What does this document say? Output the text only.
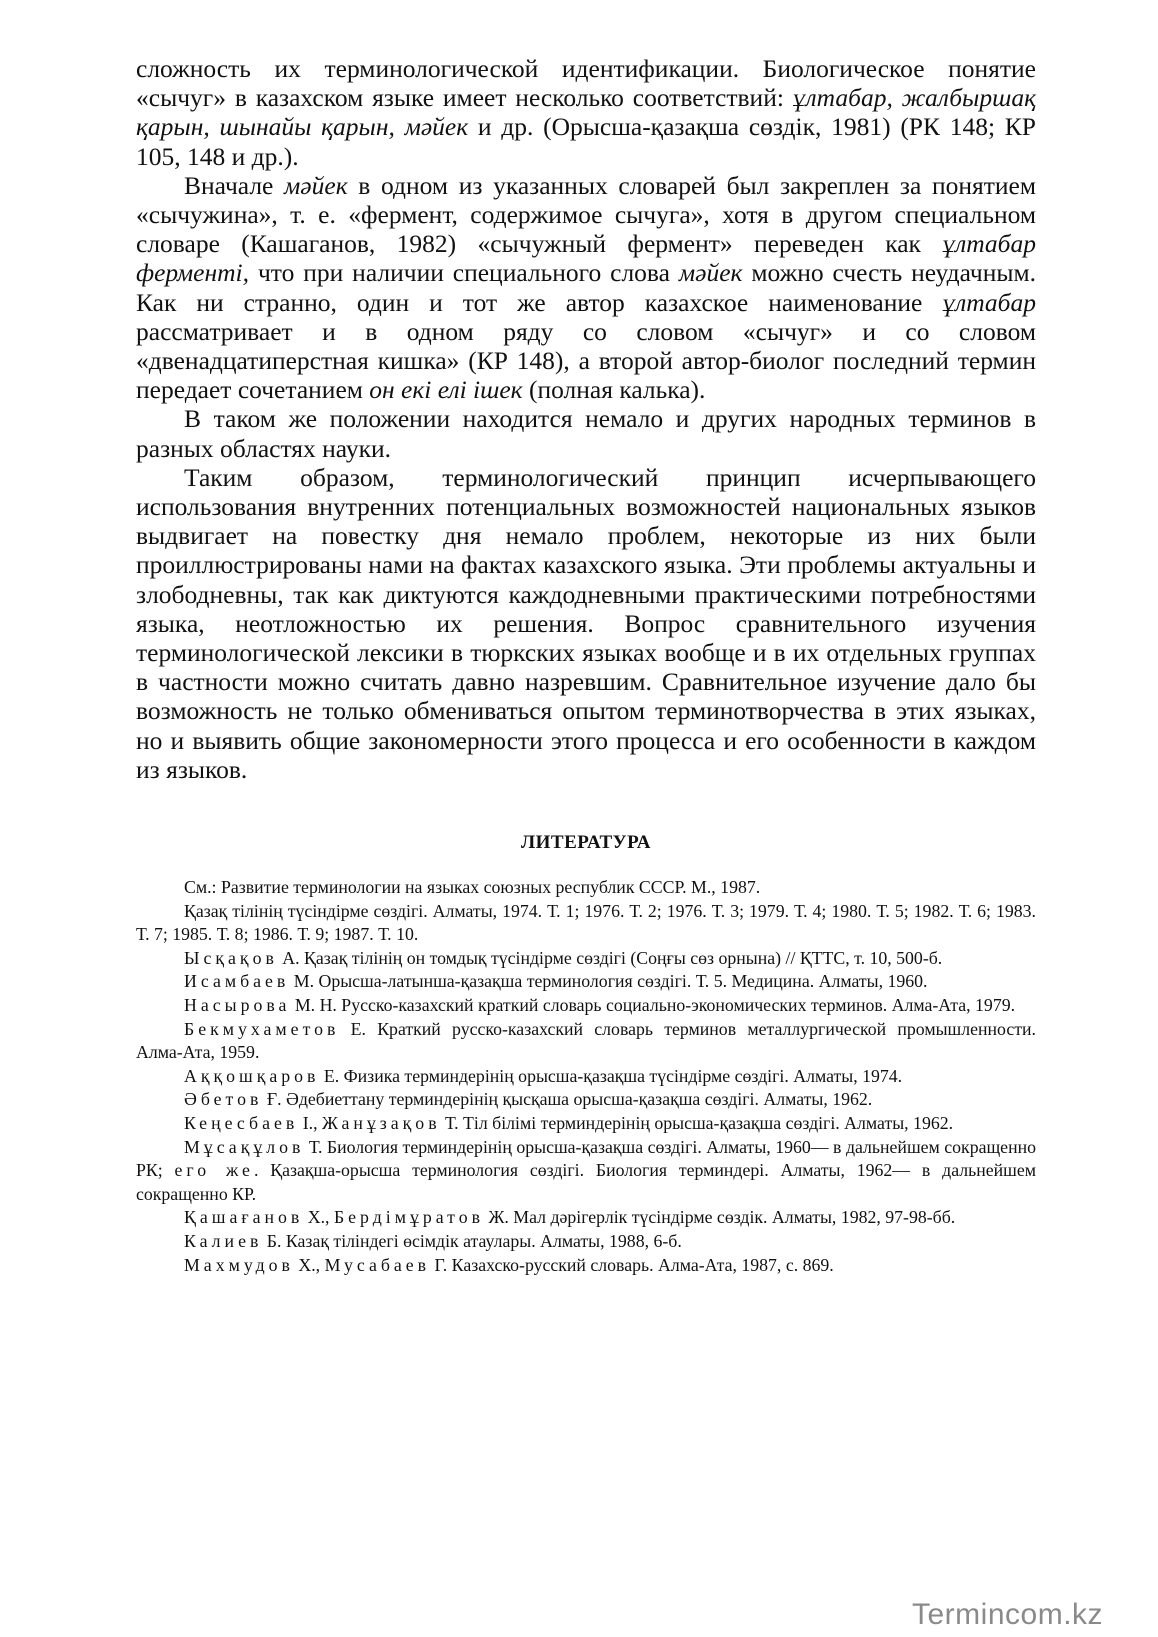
сложность их терминологической идентификации. Биологическое понятие «сычуг» в казахском языке имеет несколько соответствий: ұлтабар, жалбыршақ қарын, шынайы қарын, мәйек и др. (Орысша-қазақша сөздік, 1981) (РК 148; КР 105, 148 и др.).

Вначале мәйек в одном из указанных словарей был закреплен за понятием «сычужина», т. е. «фермент, содержимое сычуга», хотя в другом специальном словаре (Кашаганов, 1982) «сычужный фермент» переведен как ұлтабар ферменті, что при наличии специального слова мәйек можно счесть неудачным. Как ни странно, один и тот же автор казахское наименование ұлтабар рассматривает и в одном ряду со словом «сычуг» и со словом «двенадцатиперстная кишка» (КР 148), а второй автор-биолог последний термин передает сочетанием он екі елі ішек (полная калька).

В таком же положении находится немало и других народных терминов в разных областях науки.

Таким образом, терминологический принцип исчерпывающего использования внутренних потенциальных возможностей национальных языков выдвигает на повестку дня немало проблем, некоторые из них были проиллюстрированы нами на фактах казахского языка. Эти проблемы актуальны и злободневны, так как диктуются каждодневными практическими потребностями языка, неотложностью их решения. Вопрос сравнительного изучения терминологической лексики в тюркских языках вообще и в их отдельных группах в частности можно считать давно назревшим. Сравнительное изучение дало бы возможность не только обмениваться опытом терминотворчества в этих языках, но и выявить общие закономерности этого процесса и его особенности в каждом из языков.

ЛИТЕРАТУРА

См.: Развитие терминологии на языках союзных республик СССР. М., 1987.

Қазақ тілінің түсіндірме сөздігі. Алматы, 1974. Т. 1; 1976. Т. 2; 1976. Т. 3; 1979. Т. 4; 1980. Т. 5; 1982. Т. 6; 1983. Т. 7; 1985. Т. 8; 1986. Т. 9; 1987. Т. 10.

Ысқақов А. Қазақ тілінің он томдық түсіндірме сөздігі (Соңғы сөз орнына) // ҚТТС, т. 10, 500-б.

Исамбаев М. Орысша-латынша-қазақша терминология сөздігі. Т. 5. Медицина. Алматы, 1960.

Насырова М. Н. Русско-казахский краткий словарь социально-экономических терминов. Алма-Ата, 1979.

Бекмухаметов Е. Краткий русско-казахский словарь терминов металлургической промышленности. Алма-Ата, 1959.

Аққошқаров Е. Физика терминдерінің орысша-қазақша түсіндірме сөздігі. Алматы, 1974.

Әбетов Ғ. Әдебиеттану терминдерінің қысқаша орысша-қазақша сөздігі. Алматы, 1962.

Кеңесбаев І., Жанұзақов Т. Тіл білімі терминдерінің орысша-қазақша сөздігі. Алматы, 1962.

Мұсақұлов Т. Биология терминдерінің орысша-қазақша сөздігі. Алматы, 1960— в дальнейшем сокращенно РК; его же. Қазақша-орысша терминология сөздігі. Биология терминдері. Алматы, 1962— в дальнейшем сокращенно КР.

Қашағанов Х., Бердімұратов Ж. Мал дәрігерлік түсіндірме сөздік. Алматы, 1982, 97-98-бб.

Калиев Б. Казақ тіліндегі өсімдік атаулары. Алматы, 1988, 6-б.

Махмудов Х., Мусабаев Г. Казахско-русский словарь. Алма-Ата, 1987, с. 869.

Termincom.kz
